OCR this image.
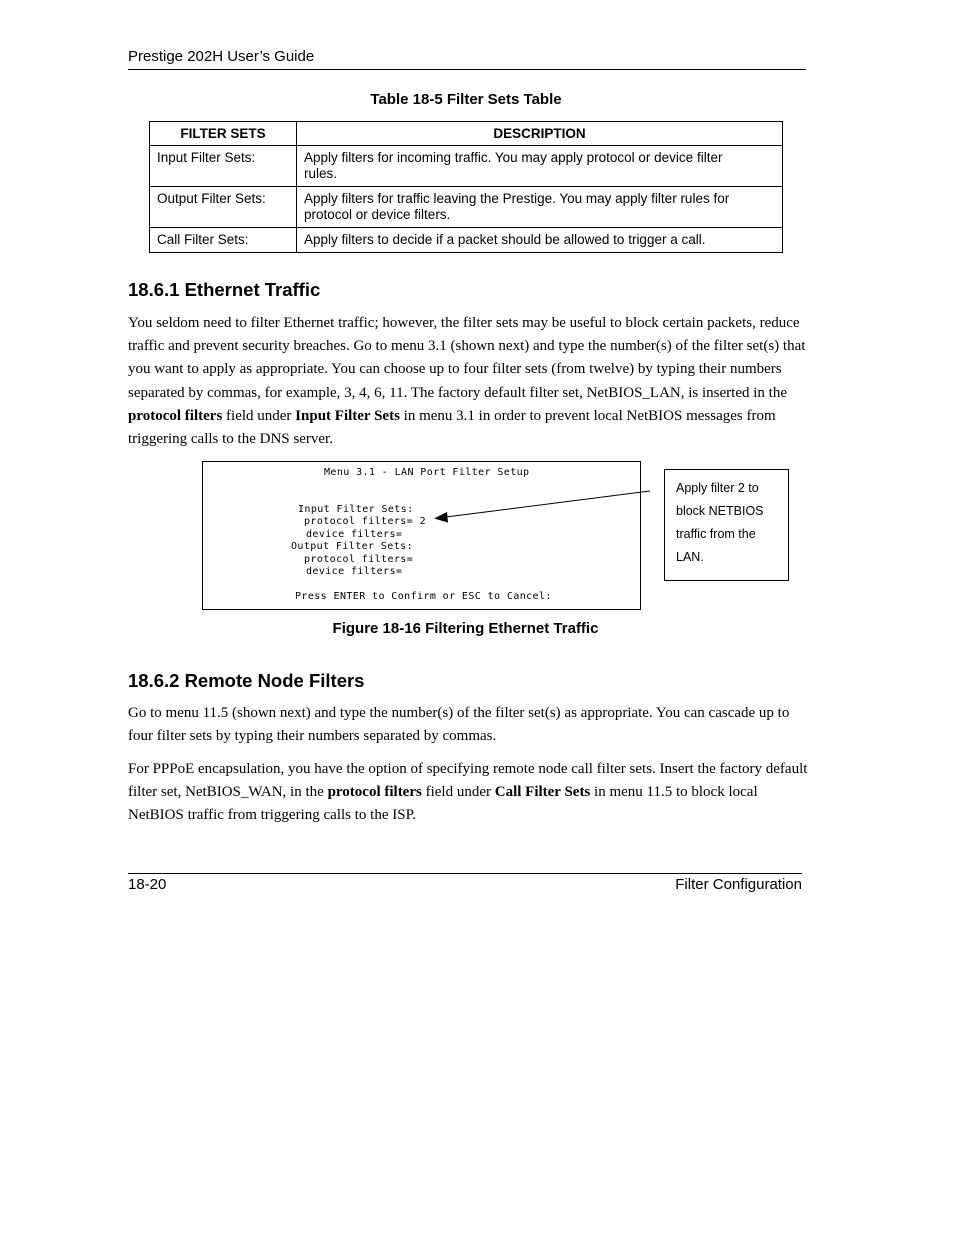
Prestige 202H User’s Guide
Table 18-5 Filter Sets Table
FILTER SETS	DESCRIPTION
Input Filter Sets:	Apply filters for incoming traffic. You may apply protocol or device filter
rules.
Output Filter Sets:	Apply filters for traffic leaving the Prestige. You may apply filter rules for
protocol or device filters.
Call Filter Sets:	Apply filters to decide if a packet should be allowed to trigger a call.
18.6.1 Ethernet Traffic

You seldom need to filter Ethernet traffic; however, the filter sets may be useful to block certain packets, reduce traffic and prevent security breaches. Go to menu 3.1 (shown next) and type the number(s) of the filter set(s) that you want to apply as appropriate. You can choose up to four filter sets (from twelve) by typing their numbers separated by commas, for example, 3, 4, 6, 11. The factory default filter set, NetBIOS_LAN, is inserted in the protocol filters field under Input Filter Sets in menu 3.1 in order to prevent local NetBIOS messages from triggering calls to the DNS server.

Menu 3.1 - LAN Port Filter Setup
Input Filter Sets:
protocol filters= 2
device filters=
Output Filter Sets:
protocol filters=
device filters=
Press ENTER to Confirm or ESC to Cancel:
Apply filter 2 to
block NETBIOS
traffic from the
LAN.
Figure 18-16 Filtering Ethernet Traffic
18.6.2 Remote Node Filters

Go to menu 11.5 (shown next) and type the number(s) of the filter set(s) as appropriate. You can cascade up to four filter sets by typing their numbers separated by commas.

For PPPoE encapsulation, you have the option of specifying remote node call filter sets. Insert the factory default filter set, NetBIOS_WAN, in the protocol filters field under Call Filter Sets in menu 11.5 to block local NetBIOS traffic from triggering calls to the ISP.

18-20	Filter Configuration
